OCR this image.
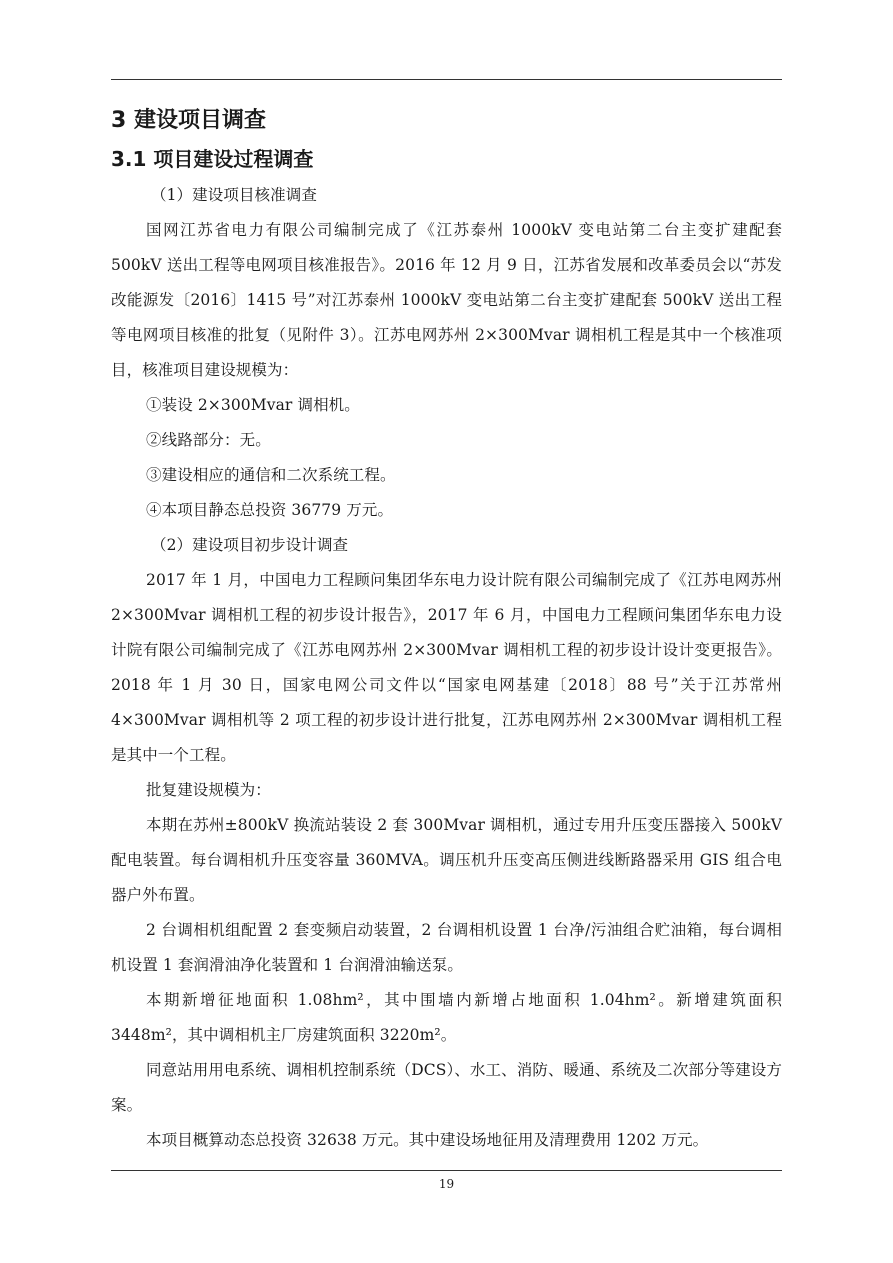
3 建设项目调查
3.1 项目建设过程调查

（1）建设项目核准调查

国网江苏省电力有限公司编制完成了《江苏泰州 1000kV 变电站第二台主变扩建配套 500kV 送出工程等电网项目核准报告》。2016 年 12 月 9 日，江苏省发展和改革委员会以“苏发改能源发〔2016〕1415 号”对江苏泰州 1000kV 变电站第二台主变扩建配套 500kV 送出工程等电网项目核准的批复（见附件 3）。江苏电网苏州 2×300Mvar 调相机工程是其中一个核准项目，核准项目建设规模为：

①装设 2×300Mvar 调相机。

②线路部分：无。

③建设相应的通信和二次系统工程。

④本项目静态总投资 36779 万元。

（2）建设项目初步设计调查

2017 年 1 月，中国电力工程顾问集团华东电力设计院有限公司编制完成了《江苏电网苏州 2×300Mvar 调相机工程的初步设计报告》，2017 年 6 月，中国电力工程顾问集团华东电力设计院有限公司编制完成了《江苏电网苏州 2×300Mvar 调相机工程的初步设计设计变更报告》。2018 年 1 月 30 日，国家电网公司文件以“国家电网基建〔2018〕88 号”关于江苏常州 4×300Mvar 调相机等 2 项工程的初步设计进行批复，江苏电网苏州 2×300Mvar 调相机工程是其中一个工程。

批复建设规模为：

本期在苏州±800kV 换流站装设 2 套 300Mvar 调相机，通过专用升压变压器接入 500kV 配电装置。每台调相机升压变容量 360MVA。调压机升压变高压侧进线断路器采用 GIS 组合电器户外布置。

2 台调相机组配置 2 套变频启动装置，2 台调相机设置 1 台净/污油组合贮油箱，每台调相机设置 1 套润滑油净化装置和 1 台润滑油输送泵。

本期新增征地面积 1.08hm²，其中围墙内新增占地面积 1.04hm²。新增建筑面积 3448m²，其中调相机主厂房建筑面积 3220m²。

同意站用用电系统、调相机控制系统（DCS）、水工、消防、暖通、系统及二次部分等建设方案。

本项目概算动态总投资 32638 万元。其中建设场地征用及清理费用 1202 万元。

19
